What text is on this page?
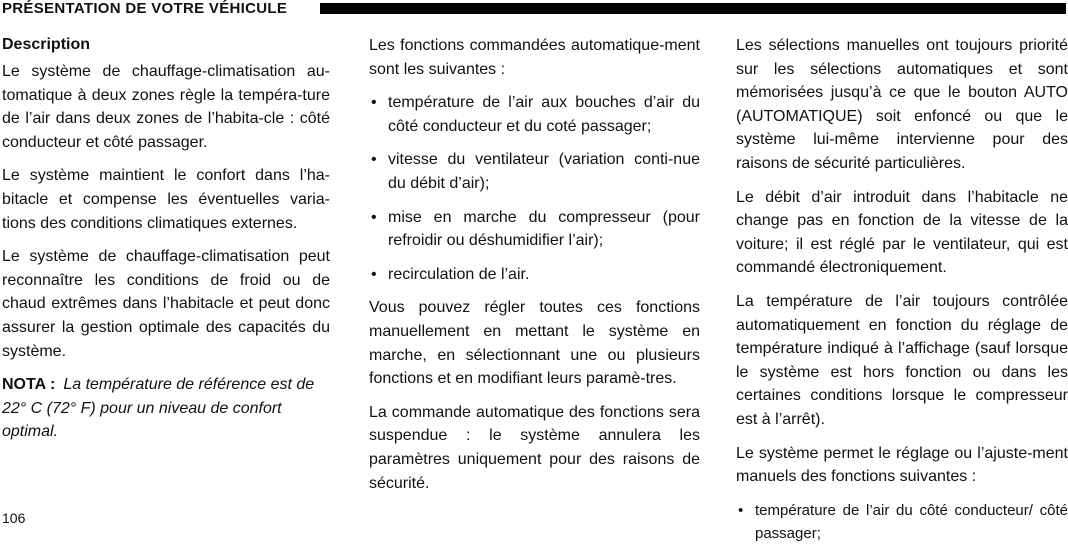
PRÉSENTATION DE VOTRE VÉHICULE
Description

Le système de chauffage-climatisation au-tomatique à deux zones règle la tempéra-ture de l’air dans deux zones de l’habita-cle : côté conducteur et côté passager.

Le système maintient le confort dans l’ha-bitacle et compense les éventuelles varia-tions des conditions climatiques externes.

Le système de chauffage-climatisation peut reconnaître les conditions de froid ou de chaud extrêmes dans l’habitacle et peut donc assurer la gestion optimale des capacités du système.

NOTA : La température de référence est de 22° C (72° F) pour un niveau de confort optimal.

Les fonctions commandées automatique-ment sont les suivantes :

• température de l’air aux bouches d’air du côté conducteur et du coté passager;
• vitesse du ventilateur (variation conti-nue du débit d’air);
• mise en marche du compresseur (pour refroidir ou déshumidifier l’air);
• recirculation de l’air.

Vous pouvez régler toutes ces fonctions manuellement en mettant le système en marche, en sélectionnant une ou plusieurs fonctions et en modifiant leurs paramè-tres.

La commande automatique des fonctions sera suspendue : le système annulera les paramètres uniquement pour des raisons de sécurité.

Les sélections manuelles ont toujours priorité sur les sélections automatiques et sont mémorisées jusqu’à ce que le bouton AUTO (AUTOMATIQUE) soit enfoncé ou que le système lui-même intervienne pour des raisons de sécurité particulières.

Le débit d’air introduit dans l’habitacle ne change pas en fonction de la vitesse de la voiture; il est réglé par le ventilateur, qui est commandé électroniquement.

La température de l’air toujours contrôlée automatiquement en fonction du réglage de température indiqué à l’affichage (sauf lorsque le système est hors fonction ou dans les certaines conditions lorsque le compresseur est à l’arrêt).

Le système permet le réglage ou l’ajuste-ment manuels des fonctions suivantes :

• température de l’air du côté conducteur/ côté passager;
106
